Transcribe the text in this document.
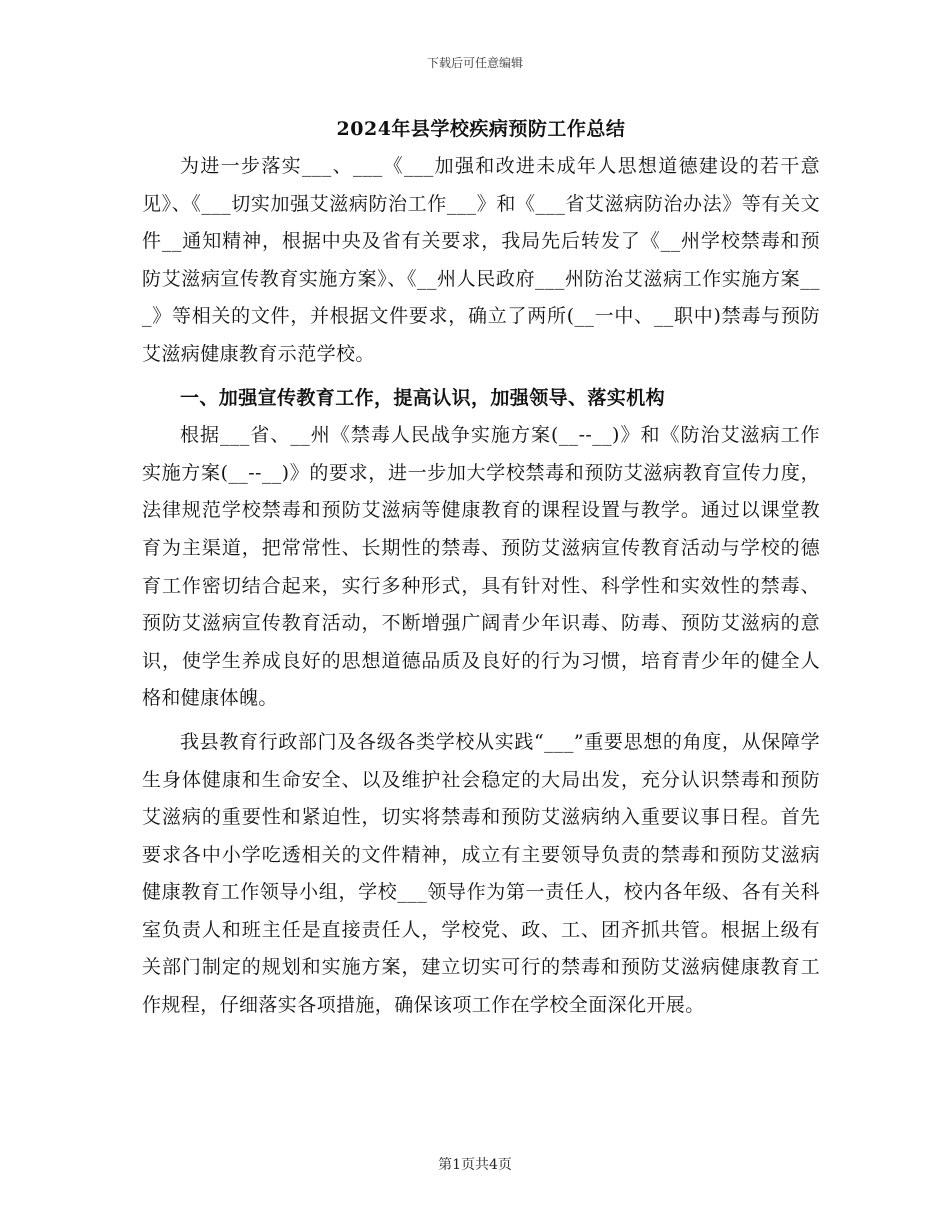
下载后可任意编辑
2024年县学校疾病预防工作总结

为进一步落实___、___《___加强和改进未成年人思想道德建设的若干意见》、《___切实加强艾滋病防治工作___》和《___省艾滋病防治办法》等有关文件__通知精神，根据中央及省有关要求，我局先后转发了《__州学校禁毒和预防艾滋病宣传教育实施方案》、《__州人民政府___州防治艾滋病工作实施方案___》等相关的文件，并根据文件要求，确立了两所(__一中、__职中)禁毒与预防艾滋病健康教育示范学校。

一、加强宣传教育工作，提高认识，加强领导、落实机构

根据___省、__州《禁毒人民战争实施方案(__--__)》和《防治艾滋病工作实施方案(__--__)》的要求，进一步加大学校禁毒和预防艾滋病教育宣传力度，法律规范学校禁毒和预防艾滋病等健康教育的课程设置与教学。通过以课堂教育为主渠道，把常常性、长期性的禁毒、预防艾滋病宣传教育活动与学校的德育工作密切结合起来，实行多种形式，具有针对性、科学性和实效性的禁毒、预防艾滋病宣传教育活动，不断增强广阔青少年识毒、防毒、预防艾滋病的意识，使学生养成良好的思想道德品质及良好的行为习惯，培育青少年的健全人格和健康体魄。

我县教育行政部门及各级各类学校从实践“___”重要思想的角度，从保障学生身体健康和生命安全、以及维护社会稳定的大局出发，充分认识禁毒和预防艾滋病的重要性和紧迫性，切实将禁毒和预防艾滋病纳入重要议事日程。首先要求各中小学吃透相关的文件精神，成立有主要领导负责的禁毒和预防艾滋病健康教育工作领导小组，学校___领导作为第一责任人，校内各年级、各有关科室负责人和班主任是直接责任人，学校党、政、工、团齐抓共管。根据上级有关部门制定的规划和实施方案，建立切实可行的禁毒和预防艾滋病健康教育工作规程，仔细落实各项措施，确保该项工作在学校全面深化开展。

第1页共4页
